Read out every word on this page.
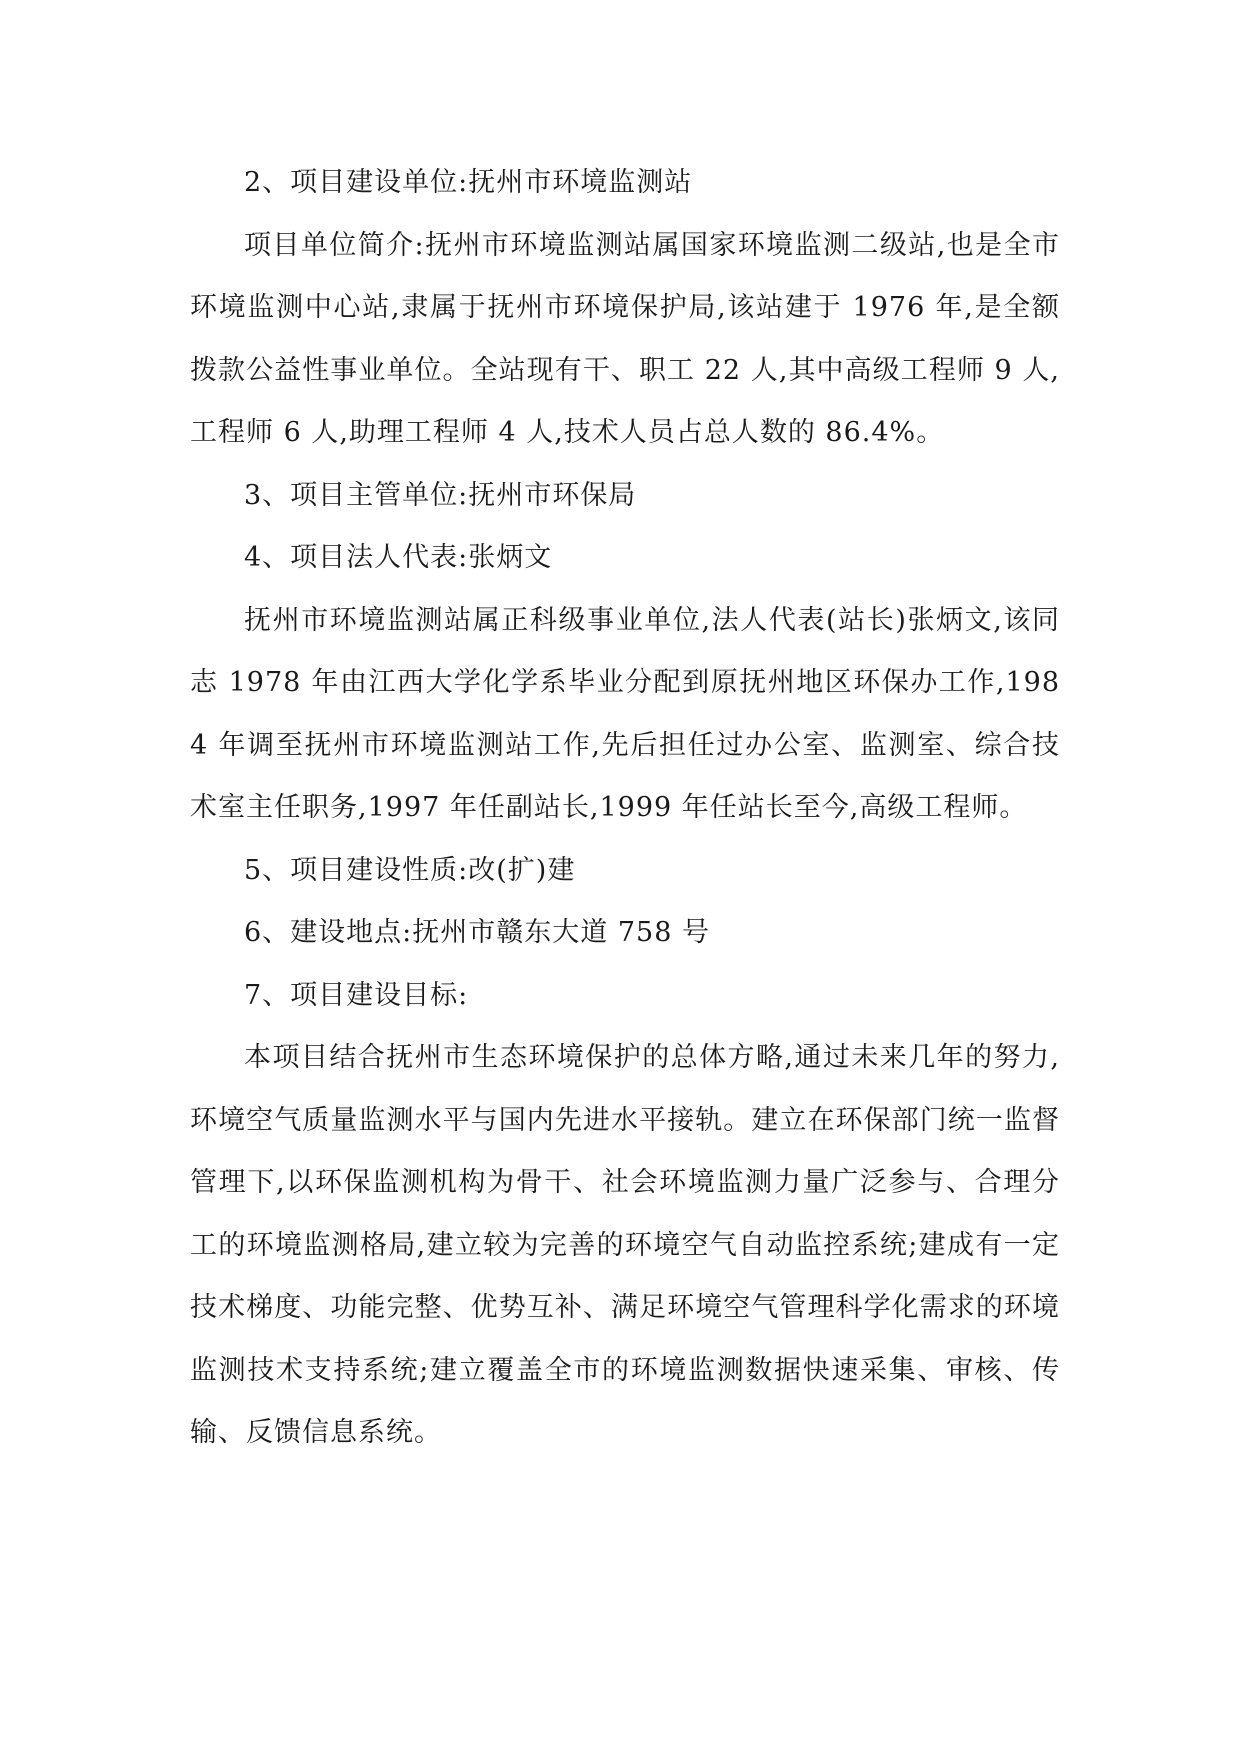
2、项目建设单位:抚州市环境监测站

项目单位简介:抚州市环境监测站属国家环境监测二级站,也是全市环境监测中心站,隶属于抚州市环境保护局,该站建于 1976 年,是全额拨款公益性事业单位。全站现有干、职工 22 人,其中高级工程师 9 人,工程师 6 人,助理工程师 4 人,技术人员占总人数的 86.4%。

3、项目主管单位:抚州市环保局

4、项目法人代表:张炳文

抚州市环境监测站属正科级事业单位,法人代表(站长)张炳文,该同志 1978 年由江西大学化学系毕业分配到原抚州地区环保办工作,1984 年调至抚州市环境监测站工作,先后担任过办公室、监测室、综合技术室主任职务,1997 年任副站长,1999 年任站长至今,高级工程师。

5、项目建设性质:改(扩)建

6、建设地点:抚州市赣东大道 758 号

7、项目建设目标:

本项目结合抚州市生态环境保护的总体方略,通过未来几年的努力,环境空气质量监测水平与国内先进水平接轨。建立在环保部门统一监督管理下,以环保监测机构为骨干、社会环境监测力量广泛参与、合理分工的环境监测格局,建立较为完善的环境空气自动监控系统;建成有一定技术梯度、功能完整、优势互补、满足环境空气管理科学化需求的环境监测技术支持系统;建立覆盖全市的环境监测数据快速采集、审核、传输、反馈信息系统。
